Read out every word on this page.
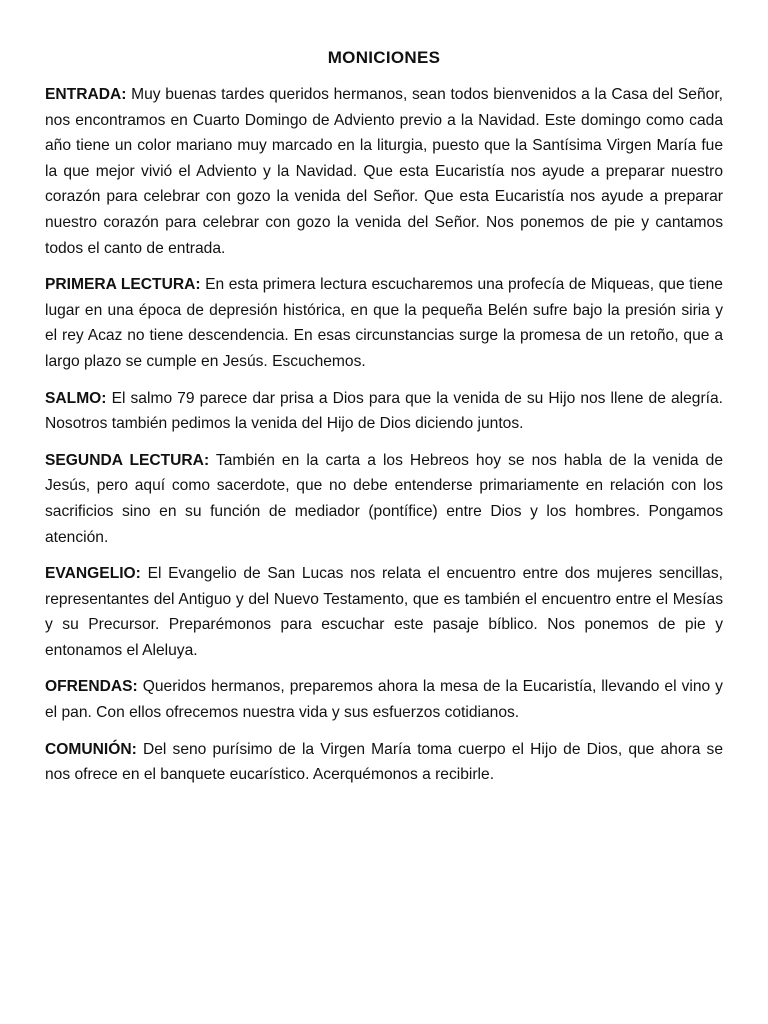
MONICIONES

ENTRADA: Muy buenas tardes queridos hermanos, sean todos bienvenidos a la Casa del Señor, nos encontramos en Cuarto Domingo de Adviento previo a la Navidad. Este domingo como cada año tiene un color mariano muy marcado en la liturgia, puesto que la Santísima Virgen María fue la que mejor vivió el Adviento y la Navidad. Que esta Eucaristía nos ayude a preparar nuestro corazón para celebrar con gozo la venida del Señor. Que esta Eucaristía nos ayude a preparar nuestro corazón para celebrar con gozo la venida del Señor. Nos ponemos de pie y cantamos todos el canto de entrada.

PRIMERA LECTURA: En esta primera lectura escucharemos una profecía de Miqueas, que tiene lugar en una época de depresión histórica, en que la pequeña Belén sufre bajo la presión siria y el rey Acaz no tiene descendencia. En esas circunstancias surge la promesa de un retoño, que a largo plazo se cumple en Jesús. Escuchemos.

SALMO: El salmo 79 parece dar prisa a Dios para que la venida de su Hijo nos llene de alegría. Nosotros también pedimos la venida del Hijo de Dios diciendo juntos.

SEGUNDA LECTURA: También en la carta a los Hebreos hoy se nos habla de la venida de Jesús, pero aquí como sacerdote, que no debe entenderse primariamente en relación con los sacrificios sino en su función de mediador (pontífice) entre Dios y los hombres. Pongamos atención.

EVANGELIO: El Evangelio de San Lucas nos relata el encuentro entre dos mujeres sencillas, representantes del Antiguo y del Nuevo Testamento, que es también el encuentro entre el Mesías y su Precursor. Preparémonos para escuchar este pasaje bíblico. Nos ponemos de pie y entonamos el Aleluya.

OFRENDAS: Queridos hermanos, preparemos ahora la mesa de la Eucaristía, llevando el vino y el pan. Con ellos ofrecemos nuestra vida y sus esfuerzos cotidianos.

COMUNIÓN: Del seno purísimo de la Virgen María toma cuerpo el Hijo de Dios, que ahora se nos ofrece en el banquete eucarístico. Acerquémonos a recibirle.
